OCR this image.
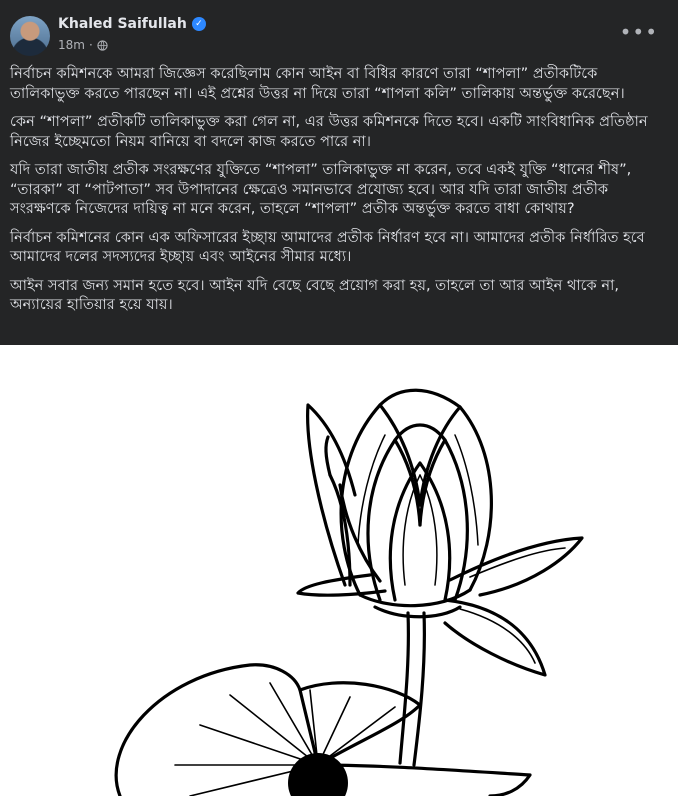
Khaled Saifullah ✓
18m ·
•••

নির্বাচন কমিশনকে আমরা জিজ্ঞেস করেছিলাম কোন আইন বা বিধির কারণে তারা “শাপলা” প্রতীকটিকে তালিকাভুক্ত করতে পারছেন না। এই প্রশ্নের উত্তর না দিয়ে তারা “শাপলা কলি” তালিকায় অন্তর্ভুক্ত করেছেন।

কেন “শাপলা” প্রতীকটি তালিকাভুক্ত করা গেল না, এর উত্তর কমিশনকে দিতে হবে। একটি সাংবিধানিক প্রতিষ্ঠান নিজের ইচ্ছেমতো নিয়ম বানিয়ে বা বদলে কাজ করতে পারে না।

যদি তারা জাতীয় প্রতীক সংরক্ষণের যুক্তিতে “শাপলা” তালিকাভুক্ত না করেন, তবে একই যুক্তি “ধানের শীষ”, “তারকা” বা “পাটপাতা” সব উপাদানের ক্ষেত্রেও সমানভাবে প্রযোজ্য হবে। আর যদি তারা জাতীয় প্রতীক সংরক্ষণকে নিজেদের দায়িত্ব না মনে করেন, তাহলে “শাপলা” প্রতীক অন্তর্ভুক্ত করতে বাধা কোথায়?

নির্বাচন কমিশনের কোন এক অফিসারের ইচ্ছায় আমাদের প্রতীক নির্ধারণ হবে না। আমাদের প্রতীক নির্ধারিত হবে আমাদের দলের সদস্যদের ইচ্ছায় এবং আইনের সীমার মধ্যে।

আইন সবার জন্য সমান হতে হবে। আইন যদি বেছে বেছে প্রয়োগ করা হয়, তাহলে তা আর আইন থাকে না, অন্যায়ের হাতিয়ার হয়ে যায়।
